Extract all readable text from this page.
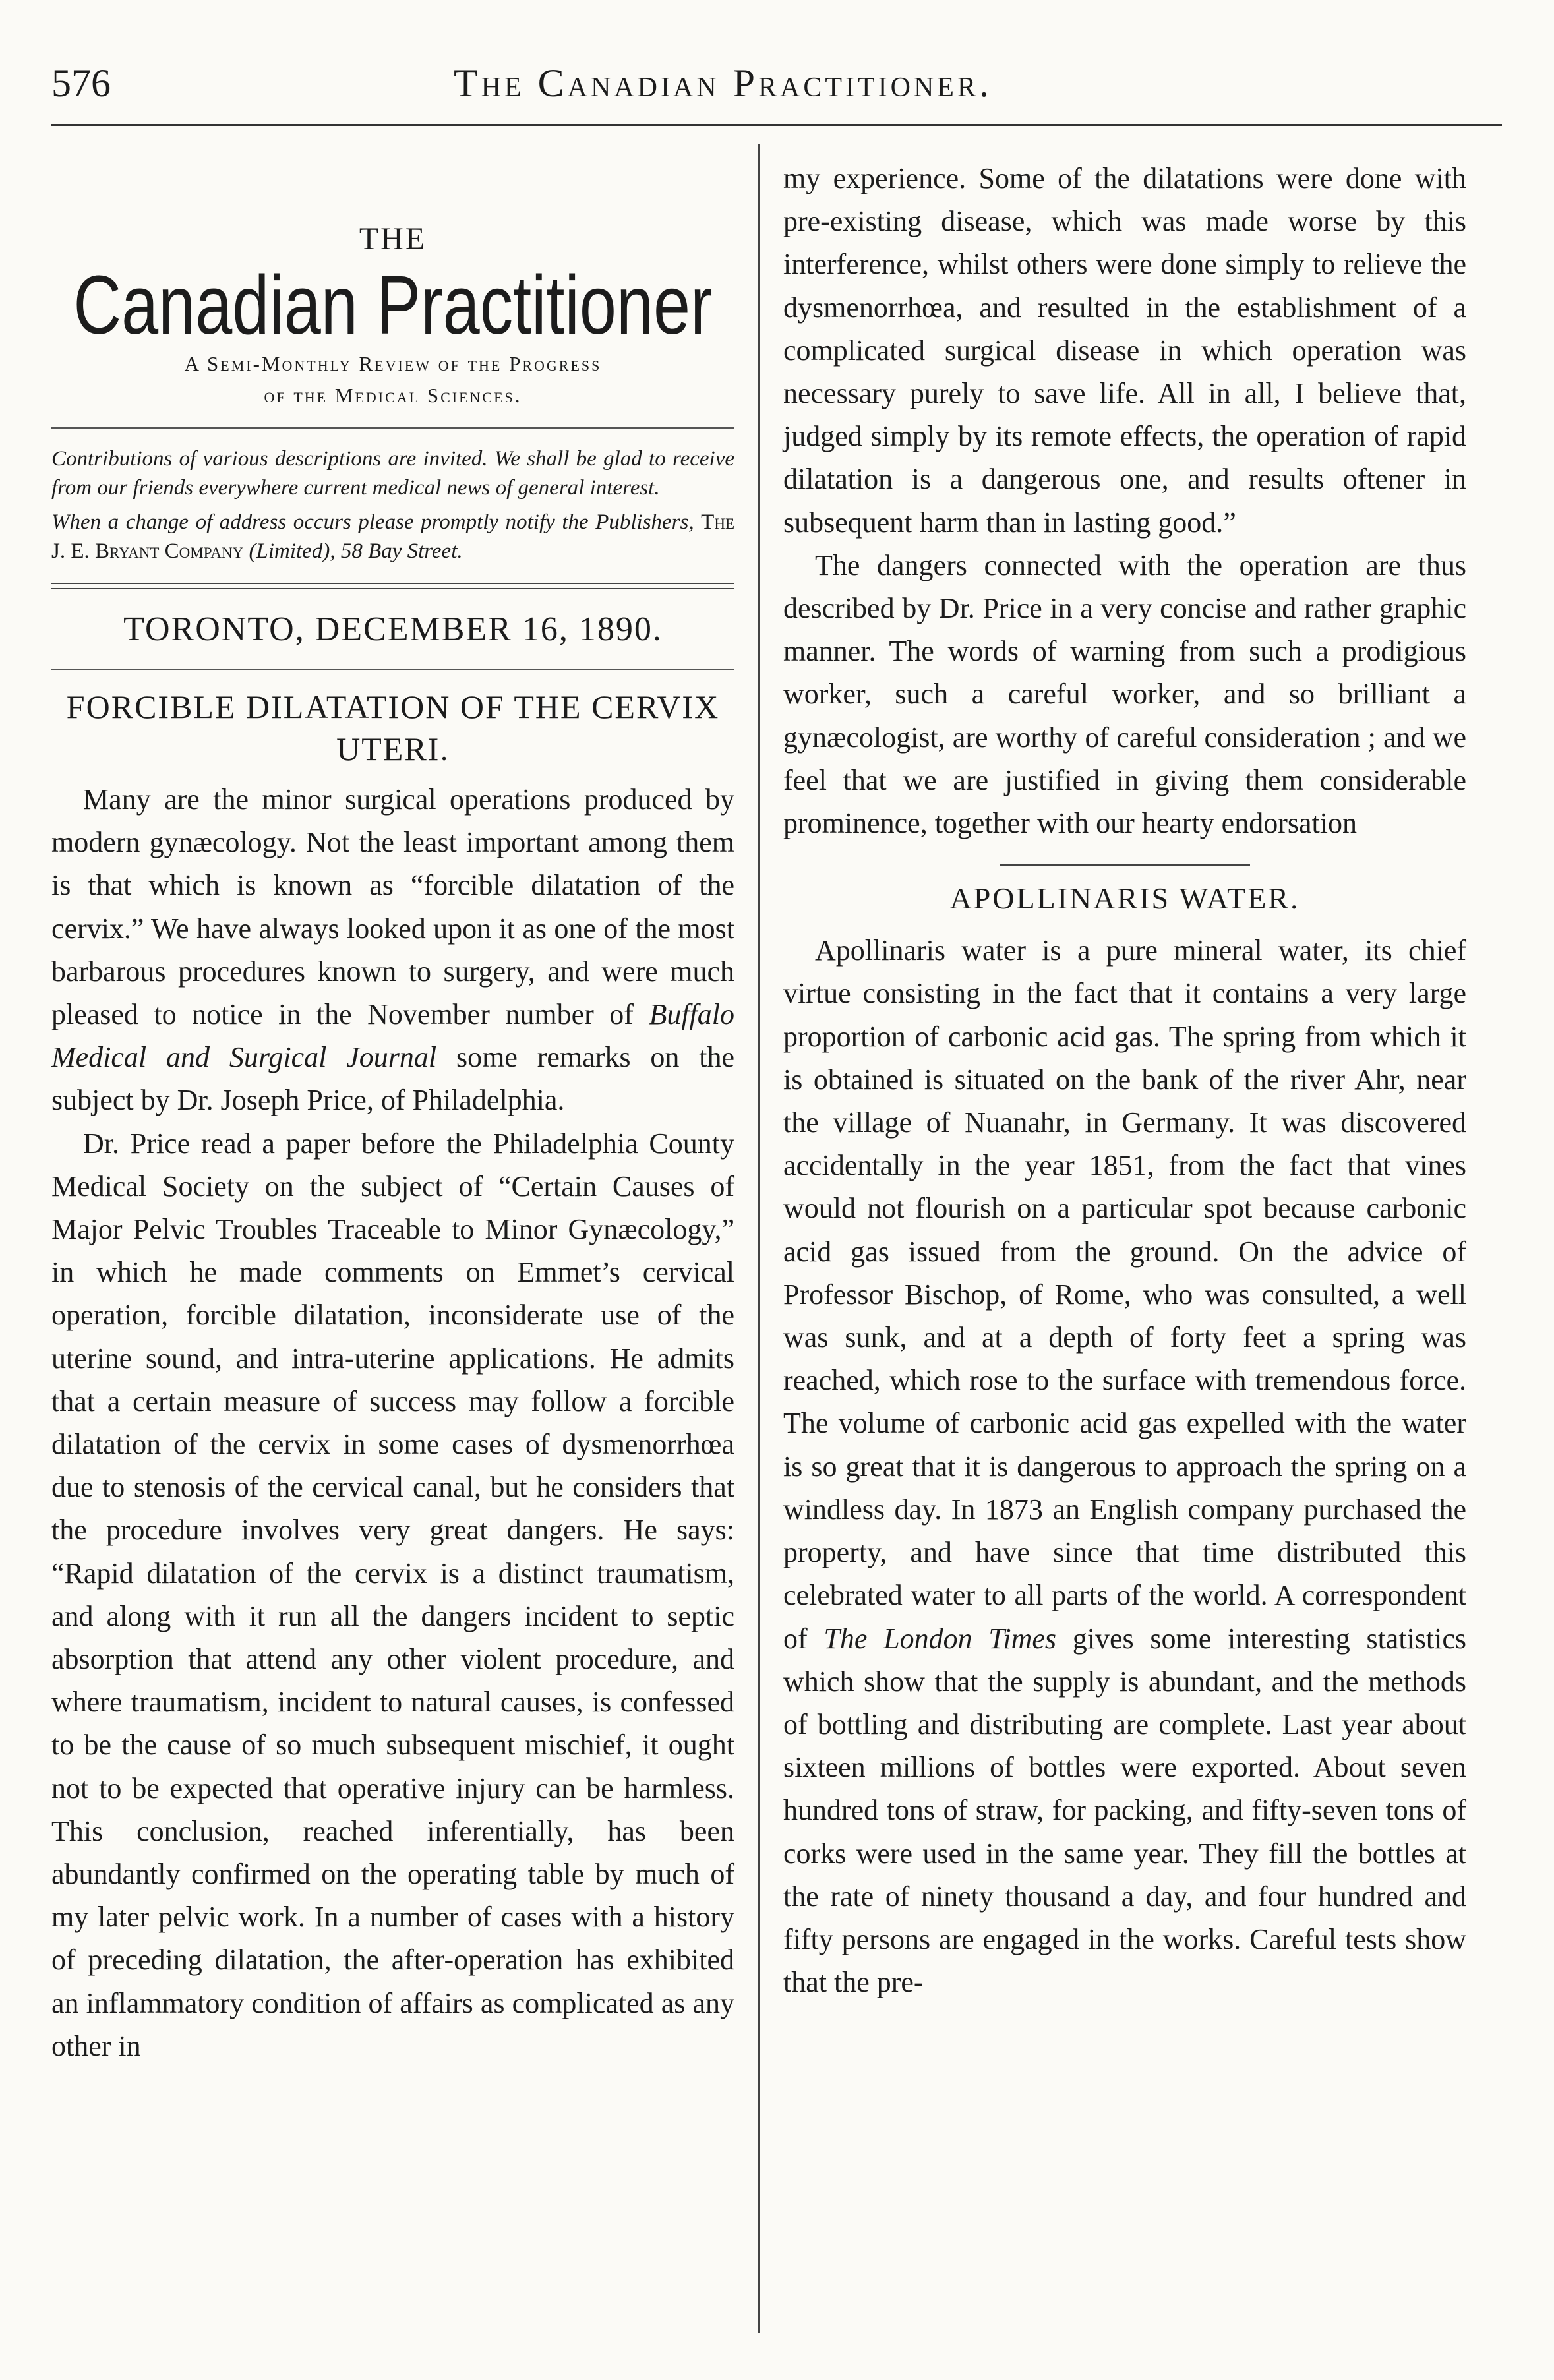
576	The Canadian Practitioner.
THE
Canadian Practitioner
A Semi-Monthly Review of the Progress
of the Medical Sciences.

Contributions of various descriptions are invited. We shall be glad to receive from our friends everywhere current medical news of general interest.

When a change of address occurs please promptly notify the Publishers, The J. E. Bryant Company (Limited), 58 Bay Street.

TORONTO, DECEMBER 16, 1890.
FORCIBLE DILATATION OF THE CERVIX UTERI.

Many are the minor surgical operations produced by modern gynæcology. Not the least important among them is that which is known as “forcible dilatation of the cervix.” We have always looked upon it as one of the most barbarous procedures known to surgery, and were much pleased to notice in the November number of Buffalo Medical and Surgical Journal some remarks on the subject by Dr. Joseph Price, of Philadelphia.

Dr. Price read a paper before the Philadelphia County Medical Society on the subject of “Certain Causes of Major Pelvic Troubles Traceable to Minor Gynæcology,” in which he made comments on Emmet’s cervical operation, forcible dilatation, inconsiderate use of the uterine sound, and intra-uterine applications. He admits that a certain measure of success may follow a forcible dilatation of the cervix in some cases of dysmenorrhœa due to stenosis of the cervical canal, but he considers that the procedure involves very great dangers. He says: “Rapid dilatation of the cervix is a distinct traumatism, and along with it run all the dangers incident to septic absorption that attend any other violent procedure, and where traumatism, incident to natural causes, is confessed to be the cause of so much subsequent mischief, it ought not to be expected that operative injury can be harmless. This conclusion, reached inferentially, has been abundantly confirmed on the operating table by much of my later pelvic work. In a number of cases with a history of preceding dilatation, the after-operation has exhibited an inflammatory condition of affairs as complicated as any other in

my experience. Some of the dilatations were done with pre-existing disease, which was made worse by this interference, whilst others were done simply to relieve the dysmenorrhœa, and resulted in the establishment of a complicated surgical disease in which operation was necessary purely to save life. All in all, I believe that, judged simply by its remote effects, the operation of rapid dilatation is a dangerous one, and results oftener in subsequent harm than in lasting good.”

The dangers connected with the operation are thus described by Dr. Price in a very concise and rather graphic manner. The words of warning from such a prodigious worker, such a careful worker, and so brilliant a gynæcologist, are worthy of careful consideration ; and we feel that we are justified in giving them considerable prominence, together with our hearty endorsation

APOLLINARIS WATER.

Apollinaris water is a pure mineral water, its chief virtue consisting in the fact that it contains a very large proportion of carbonic acid gas. The spring from which it is obtained is situated on the bank of the river Ahr, near the village of Nuanahr, in Germany. It was discovered accidentally in the year 1851, from the fact that vines would not flourish on a particular spot because carbonic acid gas issued from the ground. On the advice of Professor Bischop, of Rome, who was consulted, a well was sunk, and at a depth of forty feet a spring was reached, which rose to the surface with tremendous force. The volume of carbonic acid gas expelled with the water is so great that it is dangerous to approach the spring on a windless day. In 1873 an English company purchased the property, and have since that time distributed this celebrated water to all parts of the world. A correspondent of The London Times gives some interesting statistics which show that the supply is abundant, and the methods of bottling and distributing are complete. Last year about sixteen millions of bottles were exported. About seven hundred tons of straw, for packing, and fifty-seven tons of corks were used in the same year. They fill the bottles at the rate of ninety thousand a day, and four hundred and fifty persons are engaged in the works. Careful tests show that the pre-
